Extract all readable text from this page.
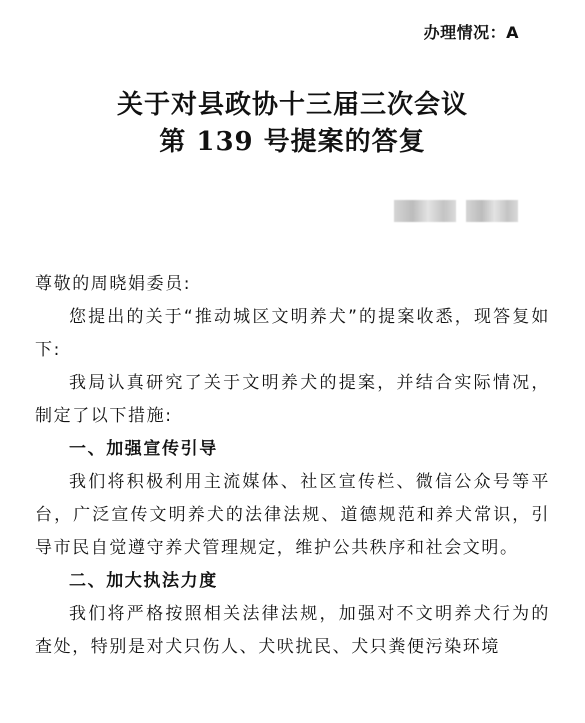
办理情况：A
关于对县政协十三届三次会议
第 139 号提案的答复

尊敬的周晓娟委员:

您提出的关于“推动城区文明养犬”的提案收悉，现答复如下:

我局认真研究了关于文明养犬的提案，并结合实际情况，制定了以下措施:

一、加强宣传引导

我们将积极利用主流媒体、社区宣传栏、微信公众号等平台，广泛宣传文明养犬的法律法规、道德规范和养犬常识，引导市民自觉遵守养犬管理规定，维护公共秩序和社会文明。

二、加大执法力度

我们将严格按照相关法律法规，加强对不文明养犬行为的查处，特别是对犬只伤人、犬吠扰民、犬只粪便污染环境
